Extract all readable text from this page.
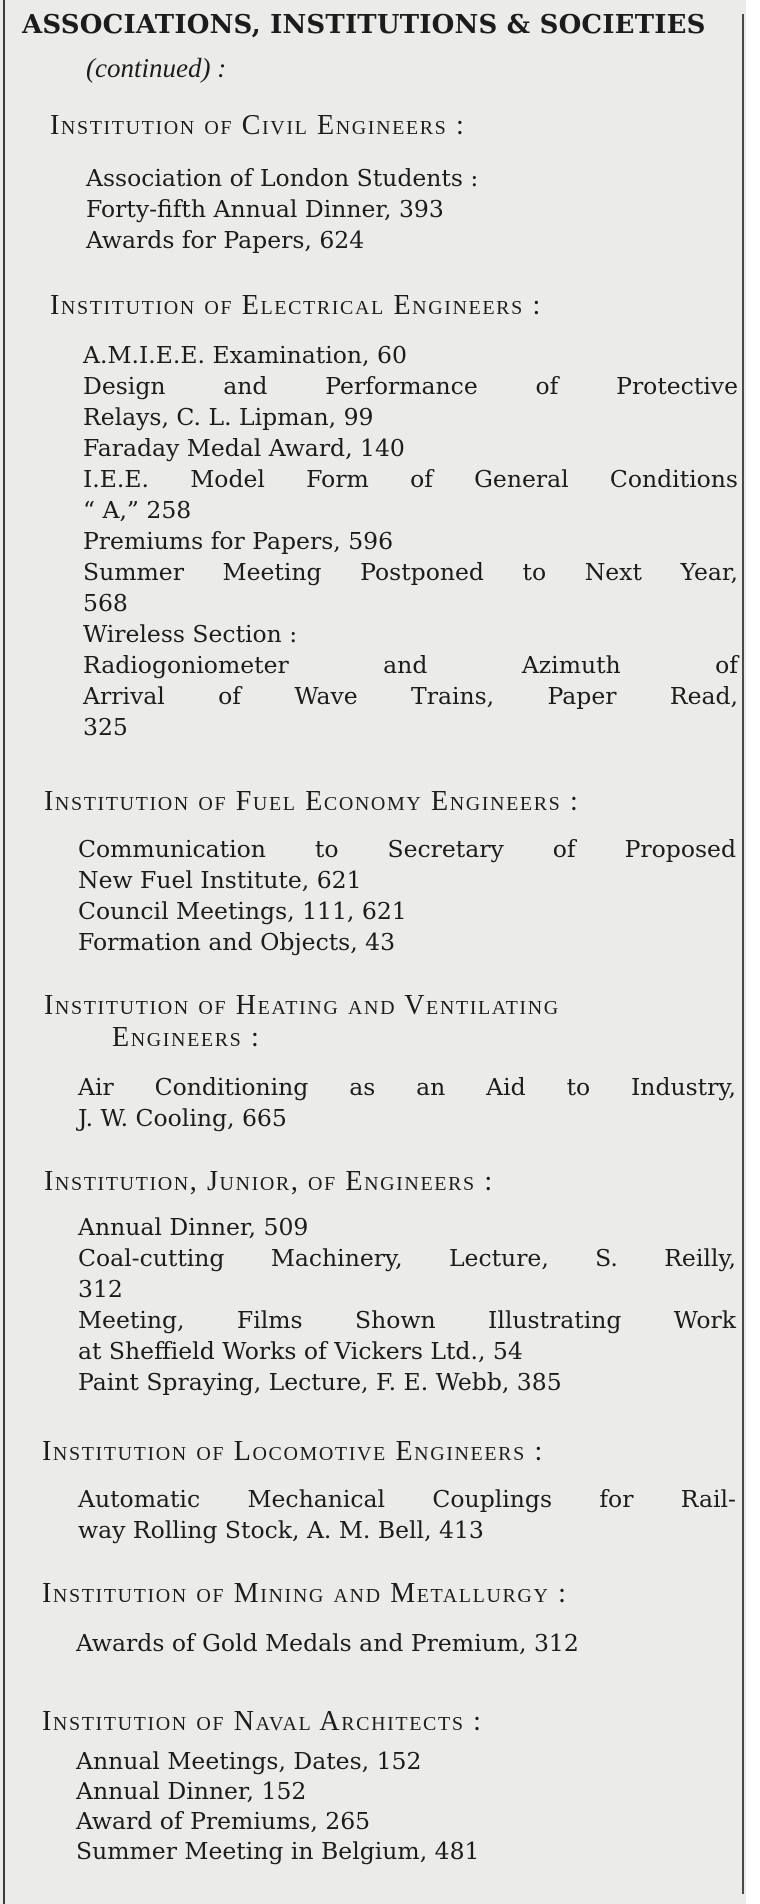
ASSOCIATIONS, INSTITUTIONS & SOCIETIES
(continued) :
Institution of Civil Engineers :
Association of London Students :
Forty-fifth Annual Dinner, 393
Awards for Papers, 624
Institution of Electrical Engineers :
A.M.I.E.E. Examination, 60
Design and Performance of Protective
Relays, C. L. Lipman, 99
Faraday Medal Award, 140
I.E.E. Model Form of General Conditions
“ A,” 258
Premiums for Papers, 596
Summer Meeting Postponed to Next Year,
568
Wireless Section :
Radiogoniometer and Azimuth of
Arrival of Wave Trains, Paper Read,
325
Institution of Fuel Economy Engineers :
Communication to Secretary of Proposed
New Fuel Institute, 621
Council Meetings, 111, 621
Formation and Objects, 43
Institution of Heating and Ventilating
Engineers :
Air Conditioning as an Aid to Industry,
J. W. Cooling, 665
Institution, Junior, of Engineers :
Annual Dinner, 509
Coal-cutting Machinery, Lecture, S. Reilly,
312
Meeting, Films Shown Illustrating Work
at Sheffield Works of Vickers Ltd., 54
Paint Spraying, Lecture, F. E. Webb, 385
Institution of Locomotive Engineers :
Automatic Mechanical Couplings for Rail-
way Rolling Stock, A. M. Bell, 413
Institution of Mining and Metallurgy :
Awards of Gold Medals and Premium, 312
Institution of Naval Architects :
Annual Meetings, Dates, 152
Annual Dinner, 152
Award of Premiums, 265
Summer Meeting in Belgium, 481
